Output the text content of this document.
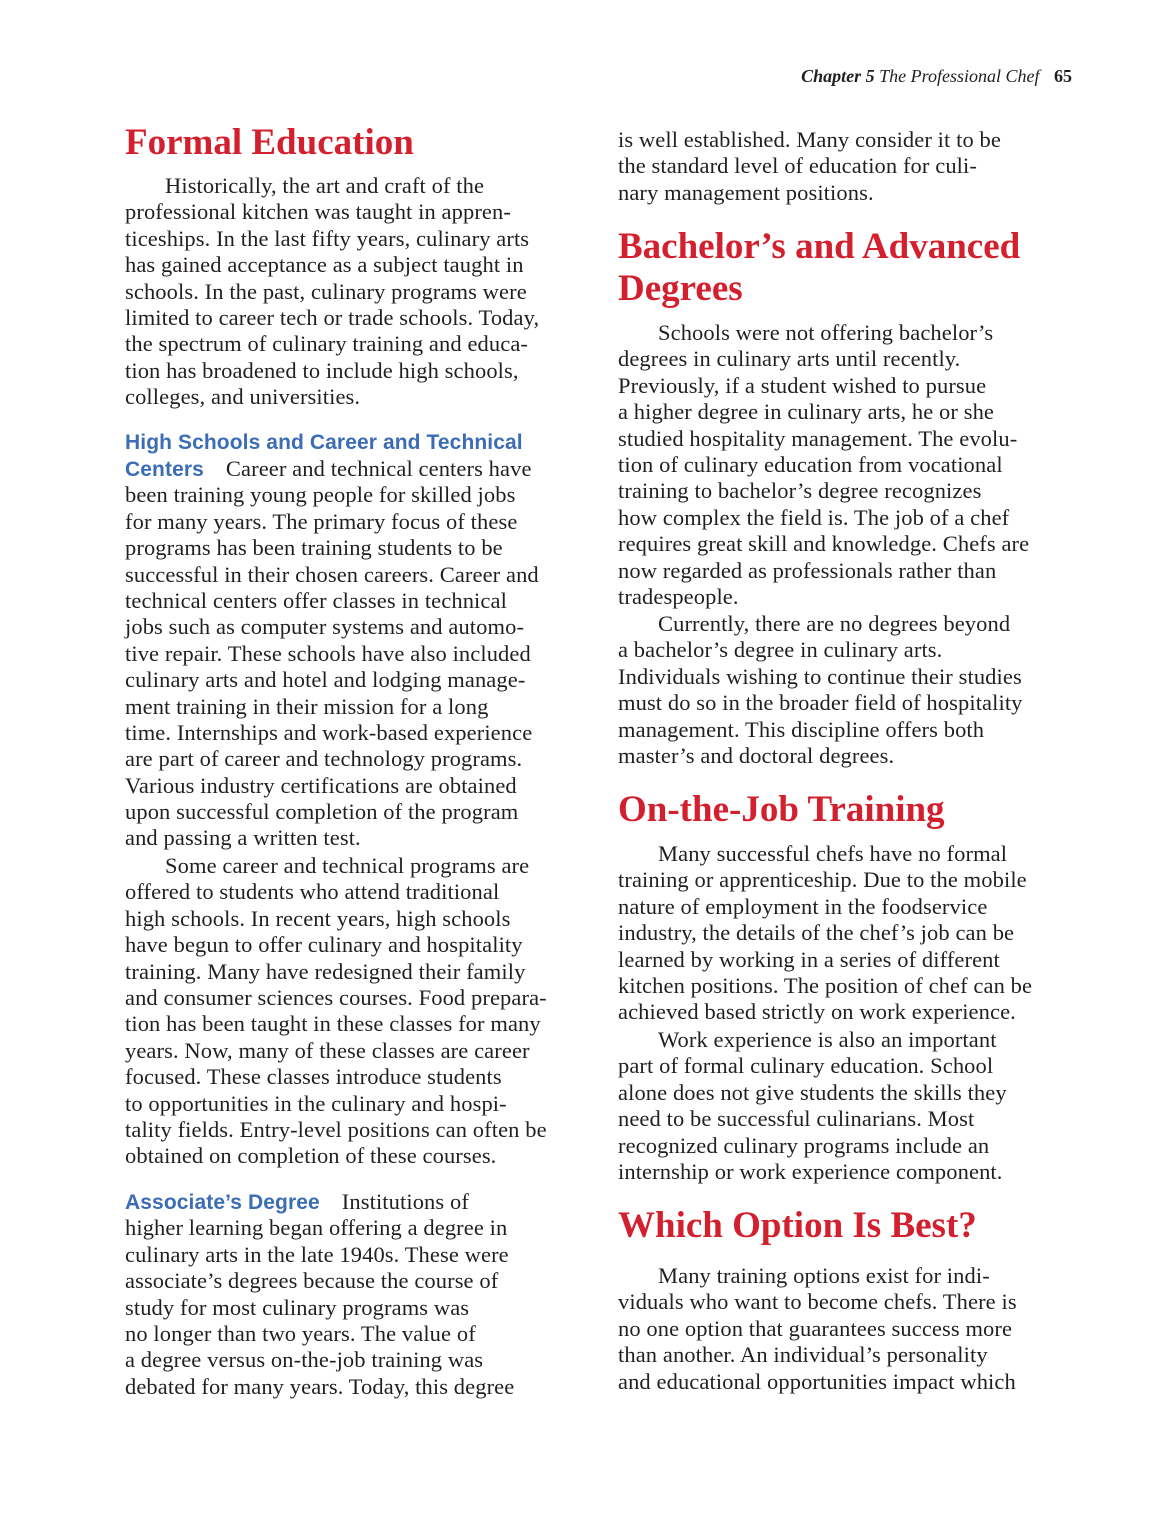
Chapter 5 The Professional Chef 65
Formal Education
Historically, the art and craft of the
professional kitchen was taught in appren-
ticeships. In the last fifty years, culinary arts
has gained acceptance as a subject taught in
schools. In the past, culinary programs were
limited to career tech or trade schools. Today,
the spectrum of culinary training and educa-
tion has broadened to include high schools,
colleges, and universities.
High Schools and Career and Technical
Centers Career and technical centers have
been training young people for skilled jobs
for many years. The primary focus of these
programs has been training students to be
successful in their chosen careers. Career and
technical centers offer classes in technical
jobs such as computer systems and automo-
tive repair. These schools have also included
culinary arts and hotel and lodging manage-
ment training in their mission for a long
time. Internships and work-based experience
are part of career and technology programs.
Various industry certifications are obtained
upon successful completion of the program
and passing a written test.
Some career and technical programs are
offered to students who attend traditional
high schools. In recent years, high schools
have begun to offer culinary and hospitality
training. Many have redesigned their family
and consumer sciences courses. Food prepara-
tion has been taught in these classes for many
years. Now, many of these classes are career
focused. These classes introduce students
to opportunities in the culinary and hospi-
tality fields. Entry-level positions can often be
obtained on completion of these courses.
Associate’s Degree Institutions of
higher learning began offering a degree in
culinary arts in the late 1940s. These were
associate’s degrees because the course of
study for most culinary programs was
no longer than two years. The value of
a degree versus on-the-job training was
debated for many years. Today, this degree
is well established. Many consider it to be
the standard level of education for culi-
nary management positions.
Bachelor’s and Advanced
Degrees
Schools were not offering bachelor’s
degrees in culinary arts until recently.
Previously, if a student wished to pursue
a higher degree in culinary arts, he or she
studied hospitality management. The evolu-
tion of culinary education from vocational
training to bachelor’s degree recognizes
how complex the field is. The job of a chef
requires great skill and knowledge. Chefs are
now regarded as professionals rather than
tradespeople.
Currently, there are no degrees beyond
a bachelor’s degree in culinary arts.
Individuals wishing to continue their studies
must do so in the broader field of hospitality
management. This discipline offers both
master’s and doctoral degrees.
On-the-Job Training
Many successful chefs have no formal
training or apprenticeship. Due to the mobile
nature of employment in the foodservice
industry, the details of the chef’s job can be
learned by working in a series of different
kitchen positions. The position of chef can be
achieved based strictly on work experience.
Work experience is also an important
part of formal culinary education. School
alone does not give students the skills they
need to be successful culinarians. Most
recognized culinary programs include an
internship or work experience component.
Which Option Is Best?
Many training options exist for indi-
viduals who want to become chefs. There is
no one option that guarantees success more
than another. An individual’s personality
and educational opportunities impact which
